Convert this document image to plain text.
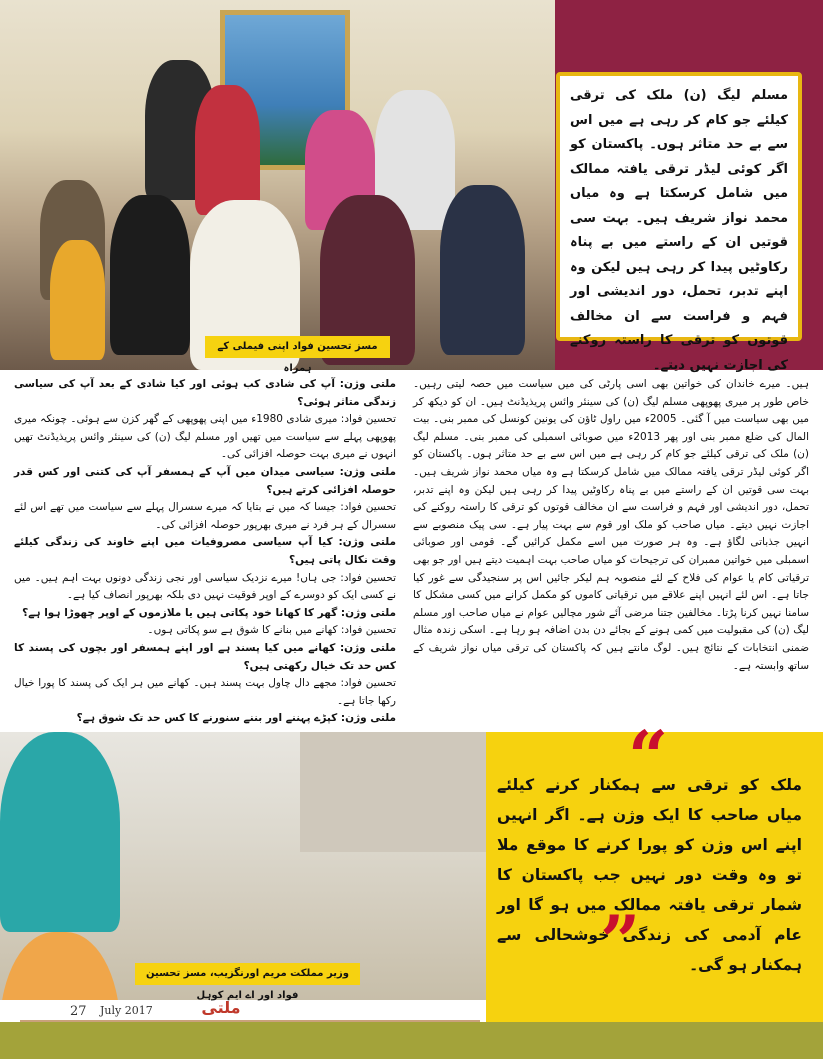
مسلم لیگ (ن) ملک کی ترقی کیلئے جو کام کر رہی ہے میں اس سے بے حد متاثر ہوں۔ پاکستان کو اگر کوئی لیڈر ترقی یافتہ ممالک میں شامل کرسکتا ہے وہ میاں محمد نواز شریف ہیں۔ بہت سی قوتیں ان کے راستے میں بے پناہ رکاوٹیں پیدا کر رہی ہیں لیکن وہ اپنے تدبر، تحمل، دور اندیشی اور فہم و فراست سے ان مخالف قوتوں کو ترقی کا راستہ روکنے کی اجازت نہیں دیتے۔
مسز تحسین فواد اپنی فیملی کے ہمراہ

ہیں۔ میرے خاندان کی خواتین بھی اسی پارٹی کی میں سیاست میں حصہ لیتی رہیں۔ خاص طور پر میری پھوپھی مسلم لیگ (ن) کی سینئر وائس پریذیڈنٹ ہیں۔ ان کو دیکھ کر میں بھی سیاست میں آ گئی۔ 2005ء میں راول ٹاؤن کی یونین کونسل کی ممبر بنی۔ بیت المال کی ضلع ممبر بنی اور پھر 2013ء میں صوبائی اسمبلی کی ممبر بنی۔ مسلم لیگ (ن) ملک کی ترقی کیلئے جو کام کر رہی ہے میں اس سے بے حد متاثر ہوں۔ پاکستان کو اگر کوئی لیڈر ترقی یافتہ ممالک میں شامل کرسکتا ہے وہ میاں محمد نواز شریف ہیں۔ بہت سی قوتیں ان کے راستے میں بے پناہ رکاوٹیں پیدا کر رہی ہیں لیکن وہ اپنے تدبر، تحمل، دور اندیشی اور فہم و فراست سے ان مخالف قوتوں کو ترقی کا راستہ روکنے کی اجازت نہیں دیتے۔ میاں صاحب کو ملک اور قوم سے بہت پیار ہے۔ سی پیک منصوبے سے انہیں جذباتی لگاؤ ہے۔ وہ ہر صورت میں اسے مکمل کرائیں گے۔ قومی اور صوبائی اسمبلی میں خواتین ممبران کی ترجیحات کو میاں صاحب بہت اہمیت دیتے ہیں اور جو بھی ترقیاتی کام یا عوام کی فلاح کے لئے منصوبہ ہم لیکر جائیں اس پر سنجیدگی سے غور کیا جاتا ہے۔ اس لئے انہیں اپنے علاقے میں ترقیاتی کاموں کو مکمل کرانے میں کسی مشکل کا سامنا نہیں کرنا پڑتا۔ مخالفین جتنا مرضی آئے شور مچالیں عوام نے میاں صاحب اور مسلم لیگ (ن) کی مقبولیت میں کمی ہونے کے بجائے دن بدن اضافہ ہو رہا ہے۔ اسکی زندہ مثال ضمنی انتخابات کے نتائج ہیں۔ لوگ مانتے ہیں کہ پاکستان کی ترقی میاں نواز شریف کے ساتھ وابستہ ہے۔

ملتی وژن: آپ کی شادی کب ہوئی اور کیا شادی کے بعد آپ کی سیاسی زندگی متاثر ہوئی؟

تحسین فواد: میری شادی 1980ء میں اپنی پھوپھی کے گھر کزن سے ہوئی۔ چونکہ میری پھوپھی پہلے سے سیاست میں تھیں اور مسلم لیگ (ن) کی سینئر وائس پریذیڈنٹ تھیں انہوں نے میری بہت حوصلہ افزائی کی۔

ملتی وژن: سیاسی میدان میں آپ کے ہمسفر آپ کی کتنی اور کس قدر حوصلہ افزائی کرتے ہیں؟

تحسین فواد: جیسا کہ میں نے بتایا کہ میرے سسرال پہلے سے سیاست میں تھے اس لئے سسرال کے ہر فرد نے میری بھرپور حوصلہ افزائی کی۔

ملتی وژن: کیا آپ سیاسی مصروفیات میں اپنے خاوند کی زندگی کیلئے وقت نکال پاتی ہیں؟

تحسین فواد: جی ہاں! میرے نزدیک سیاسی اور نجی زندگی دونوں بہت اہم ہیں۔ میں نے کسی ایک کو دوسرے کے اوپر فوقیت نہیں دی بلکہ بھرپور انصاف کیا ہے۔

ملتی وژن: گھر کا کھانا خود پکاتی ہیں یا ملازموں کے اوپر چھوڑا ہوا ہے؟

تحسین فواد: کھانے میں بنانے کا شوق ہے سو پکاتی ہوں۔

ملتی وژن: کھانے میں کیا پسند ہے اور اپنے ہمسفر اور بچوں کی پسند کا کس حد تک خیال رکھتی ہیں؟

تحسین فواد: مجھے دال چاول بہت پسند ہیں۔ کھانے میں ہر ایک کی پسند کا پورا خیال رکھا جاتا ہے۔

ملتی وژن: کپڑے پہننے اور بننے سنورنے کا کس حد تک شوق ہے؟

وزیر مملکت مریم اورنگزیب، مسز تحسین فواد اور اے ایم کوہل
“
ملک کو ترقی سے ہمکنار کرنے کیلئے میاں صاحب کا ایک وژن ہے۔ اگر انہیں اپنے اس وژن کو پورا کرنے کا موقع ملا تو وہ وقت دور نہیں جب پاکستان کا شمار ترقی یافتہ ممالک میں ہو گا اور عام آدمی کی زندگی خوشحالی سے ہمکنار ہو گی۔
”
27	July 2017	ملتی
